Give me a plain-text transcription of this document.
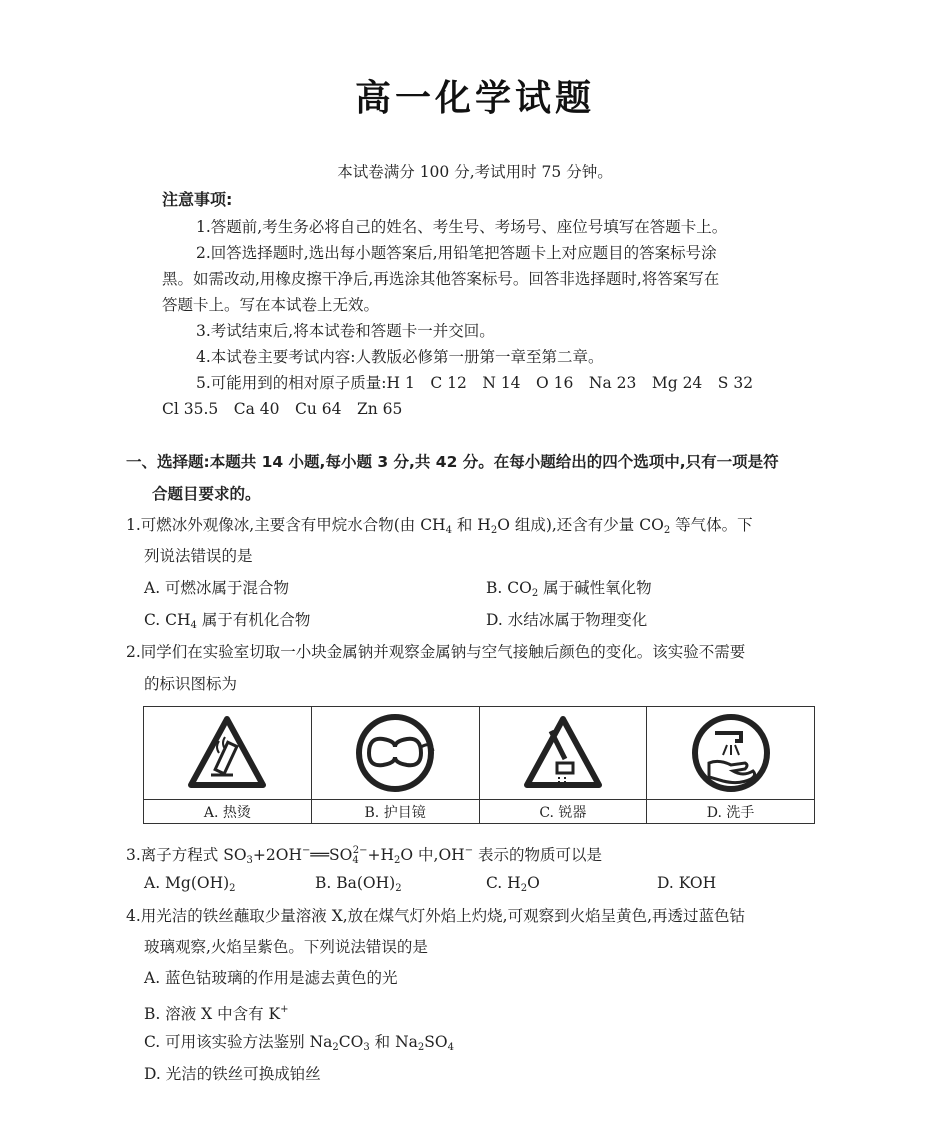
高一化学试题
本试卷满分 100 分,考试用时 75 分钟。
注意事项:
1.答题前,考生务必将自己的姓名、考生号、考场号、座位号填写在答题卡上。
2.回答选择题时,选出每小题答案后,用铅笔把答题卡上对应题目的答案标号涂
黑。如需改动,用橡皮擦干净后,再选涂其他答案标号。回答非选择题时,将答案写在
答题卡上。写在本试卷上无效。
3.考试结束后,将本试卷和答题卡一并交回。
4.本试卷主要考试内容:人教版必修第一册第一章至第二章。
5.可能用到的相对原子质量:H 1　C 12　N 14　O 16　Na 23　Mg 24　S 32
Cl 35.5　Ca 40　Cu 64　Zn 65
一、选择题:本题共 14 小题,每小题 3 分,共 42 分。在每小题给出的四个选项中,只有一项是符
合题目要求的。
1.可燃冰外观像冰,主要含有甲烷水合物(由 $CH_4$ 和 $H_2O$ 组成),还含有少量 $CO_2$ 等气体。下
列说法错误的是
A. 可燃冰属于混合物	B. $CO_2$ 属于碱性氧化物
C. $CH_4$ 属于有机化合物	D. 水结冰属于物理变化
2.同学们在实验室切取一小块金属钠并观察金属钠与空气接触后颜色的变化。该实验不需要
的标识图标为
A. 热烫	B. 护目镜	C. 锐器	D. 洗手
3.离子方程式 $SO_3+2OH^-══SO_4^{2-}+H_2O$ 中,OH− 表示的物质可以是
A. $Mg(OH)_2$	B. $Ba(OH)_2$	C. $H_2O$	D. KOH
4.用光洁的铁丝蘸取少量溶液 X,放在煤气灯外焰上灼烧,可观察到火焰呈黄色,再透过蓝色钴
玻璃观察,火焰呈紫色。下列说法错误的是
A. 蓝色钴玻璃的作用是滤去黄色的光
B. 溶液 X 中含有 K+
C. 可用该实验方法鉴别 $Na_2CO_3$ 和 $Na_2SO_4$
D. 光洁的铁丝可换成铂丝
